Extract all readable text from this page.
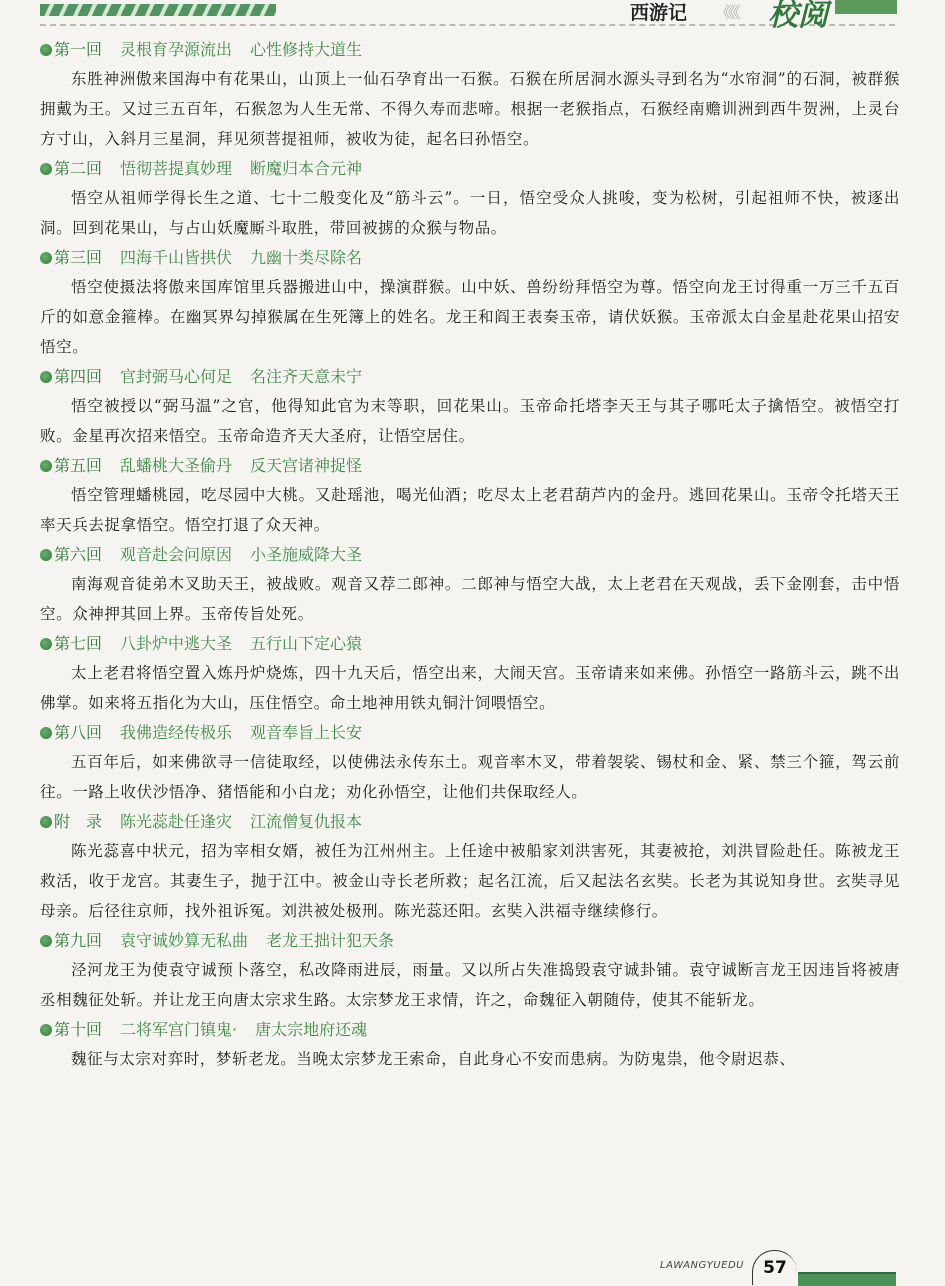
西游记 《《《 校阅
第一回 灵根育孕源流出 心性修持大道生

东胜神洲傲来国海中有花果山，山顶上一仙石孕育出一石猴。石猴在所居洞水源头寻到名为“水帘洞”的石洞，被群猴拥戴为王。又过三五百年，石猴忽为人生无常、不得久寿而悲啼。根据一老猴指点，石猴经南赡训洲到西牛贺洲，上灵台方寸山，入斜月三星洞，拜见须菩提祖师，被收为徒，起名曰孙悟空。

第二回 悟彻菩提真妙理 断魔归本合元神

悟空从祖师学得长生之道、七十二般变化及“筋斗云”。一日，悟空受众人挑唆，变为松树，引起祖师不快，被逐出洞。回到花果山，与占山妖魔厮斗取胜，带回被掳的众猴与物品。

第三回 四海千山皆拱伏 九幽十类尽除名

悟空使摄法将傲来国库馆里兵器搬进山中，操演群猴。山中妖、兽纷纷拜悟空为尊。悟空向龙王讨得重一万三千五百斤的如意金箍棒。在幽冥界勾掉猴属在生死簿上的姓名。龙王和阎王表奏玉帝，请伏妖猴。玉帝派太白金星赴花果山招安悟空。

第四回 官封弼马心何足 名注齐天意未宁

悟空被授以“弼马温”之官，他得知此官为末等职，回花果山。玉帝命托塔李天王与其子哪吒太子擒悟空。被悟空打败。金星再次招来悟空。玉帝命造齐天大圣府，让悟空居住。

第五回 乱蟠桃大圣偷丹 反天宫诸神捉怪

悟空管理蟠桃园，吃尽园中大桃。又赴瑶池，喝光仙酒；吃尽太上老君葫芦内的金丹。逃回花果山。玉帝令托塔天王率天兵去捉拿悟空。悟空打退了众天神。

第六回 观音赴会问原因 小圣施威降大圣

南海观音徒弟木叉助天王，被战败。观音又荐二郎神。二郎神与悟空大战，太上老君在天观战，丢下金刚套，击中悟空。众神押其回上界。玉帝传旨处死。

第七回 八卦炉中逃大圣 五行山下定心猿

太上老君将悟空置入炼丹炉烧炼，四十九天后，悟空出来，大闹天宫。玉帝请来如来佛。孙悟空一路筋斗云，跳不出佛掌。如来将五指化为大山，压住悟空。命土地神用铁丸铜汁饲喂悟空。

第八回 我佛造经传极乐 观音奉旨上长安

五百年后，如来佛欲寻一信徒取经，以使佛法永传东土。观音率木叉，带着袈裟、锡杖和金、紧、禁三个箍，驾云前往。一路上收伏沙悟净、猪悟能和小白龙；劝化孙悟空，让他们共保取经人。

附　录 陈光蕊赴任逢灾 江流僧复仇报本

陈光蕊喜中状元，招为宰相女婿，被任为江州州主。上任途中被船家刘洪害死，其妻被抢，刘洪冒险赴任。陈被龙王救活，收于龙宫。其妻生子，抛于江中。被金山寺长老所救；起名江流，后又起法名玄奘。长老为其说知身世。玄奘寻见母亲。后径往京师，找外祖诉冤。刘洪被处极刑。陈光蕊还阳。玄奘入洪福寺继续修行。

第九回 袁守诚妙算无私曲 老龙王拙计犯天条

泾河龙王为使袁守诚预卜落空，私改降雨进辰，雨量。又以所占失准捣毁袁守诚卦铺。袁守诚断言龙王因违旨将被唐丞相魏征处斩。并让龙王向唐太宗求生路。太宗梦龙王求情，许之，命魏征入朝随侍，使其不能斩龙。

第十回 二将军宫门镇鬼· 唐太宗地府还魂

魏征与太宗对弈时，梦斩老龙。当晚太宗梦龙王索命，自此身心不安而患病。为防鬼祟，他令尉迟恭、

LAWANGYUEDU	57
